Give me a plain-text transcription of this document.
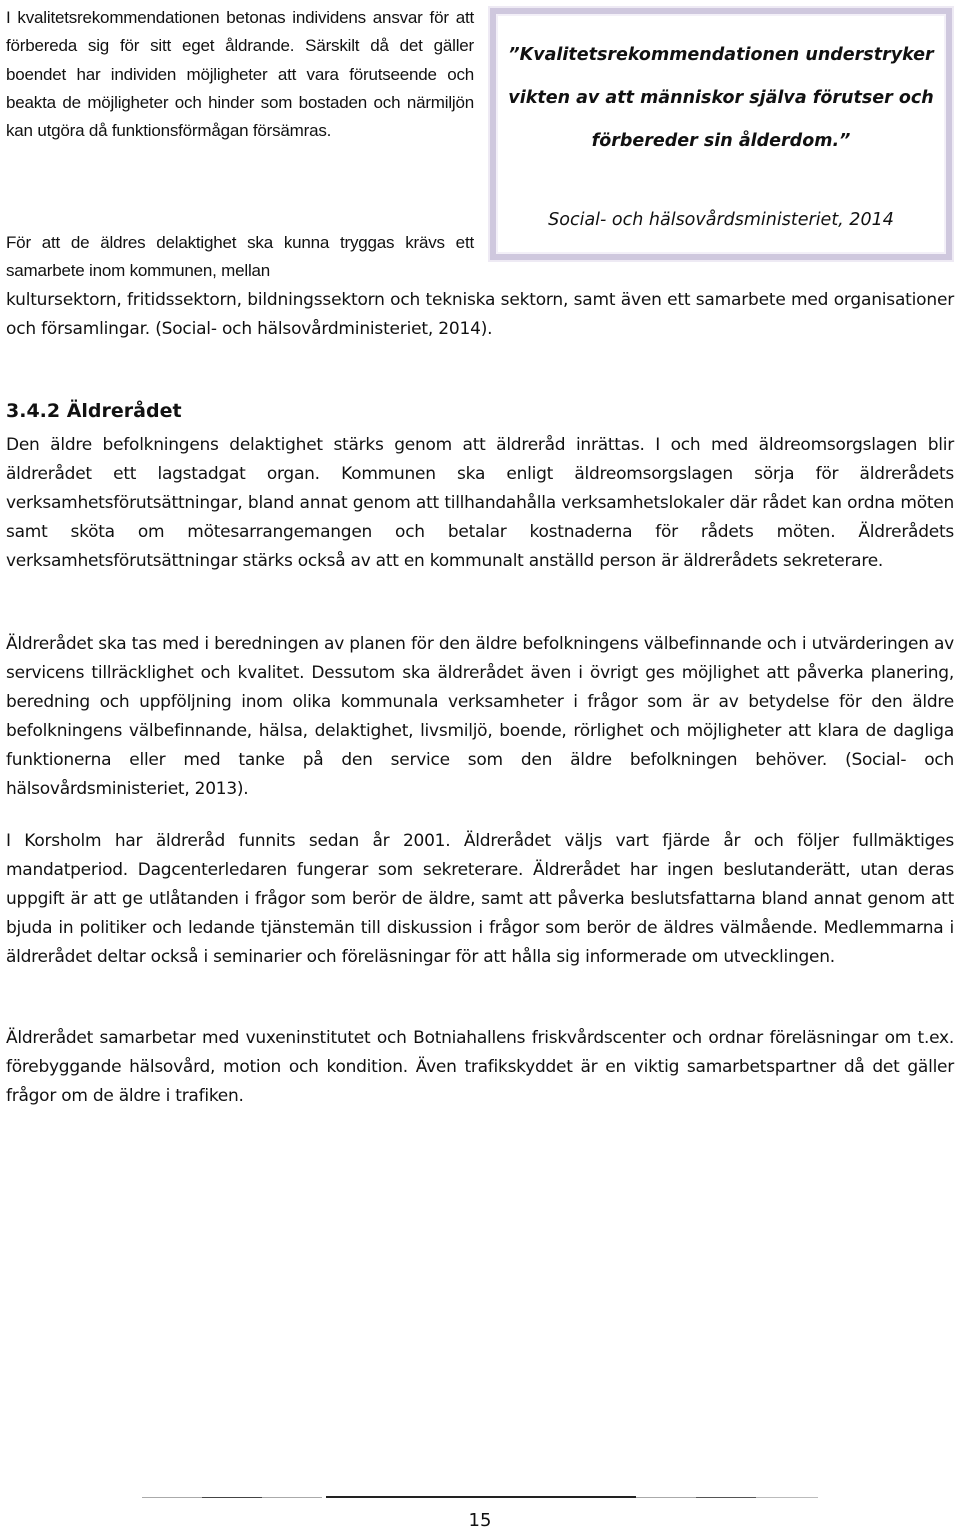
I kvalitetsrekommendationen betonas individens ansvar för att förbereda sig för sitt eget åldrande. Särskilt då det gäller boendet har individen möjligheter att vara förutseende och beakta de möjligheter och hinder som bostaden och närmiljön kan utgöra då funktionsförmågan försämras.

För att de äldres delaktighet ska kunna tryggas krävs ett samarbete inom kommunen, mellan

kultursektorn, fritidssektorn, bildningssektorn och tekniska sektorn, samt även ett samarbete med organisationer och församlingar. (Social- och hälsovårdministeriet, 2014).

”Kvalitetsrekommendationen understryker vikten av att människor själva förutser och förbereder sin ålderdom.”

Social- och hälsovårdsministeriet, 2014

3.4.2 Äldrerådet

Den äldre befolkningens delaktighet stärks genom att äldreråd inrättas. I och med äldreomsorgslagen blir äldrerådet ett lagstadgat organ. Kommunen ska enligt äldreomsorgslagen sörja för äldrerådets verksamhetsförutsättningar, bland annat genom att tillhandahålla verksamhetslokaler där rådet kan ordna möten samt sköta om mötesarrangemangen och betalar kostnaderna för rådets möten. Äldrerådets verksamhetsförutsättningar stärks också av att en kommunalt anställd person är äldrerådets sekreterare.

Äldrerådet ska tas med i beredningen av planen för den äldre befolkningens välbefinnande och i utvärderingen av servicens tillräcklighet och kvalitet. Dessutom ska äldrerådet även i övrigt ges möjlighet att påverka planering, beredning och uppföljning inom olika kommunala verksamheter i frågor som är av betydelse för den äldre befolkningens välbefinnande, hälsa, delaktighet, livsmiljö, boende, rörlighet och möjligheter att klara de dagliga funktionerna eller med tanke på den service som den äldre befolkningen behöver. (Social- och hälsovårdsministeriet, 2013).

I Korsholm har äldreråd funnits sedan år 2001. Äldrerådet väljs vart fjärde år och följer fullmäktiges mandatperiod. Dagcenterledaren fungerar som sekreterare. Äldrerådet har ingen beslutanderätt, utan deras uppgift är att ge utlåtanden i frågor som berör de äldre, samt att påverka beslutsfattarna bland annat genom att bjuda in politiker och ledande tjänstemän till diskussion i frågor som berör de äldres välmående. Medlemmarna i äldrerådet deltar också i seminarier och föreläsningar för att hålla sig informerade om utvecklingen.

Äldrerådet samarbetar med vuxeninstitutet och Botniahallens friskvårdscenter och ordnar föreläsningar om t.ex. förebyggande hälsovård, motion och kondition. Även trafikskyddet är en viktig samarbetspartner då det gäller frågor om de äldre i trafiken.

15
